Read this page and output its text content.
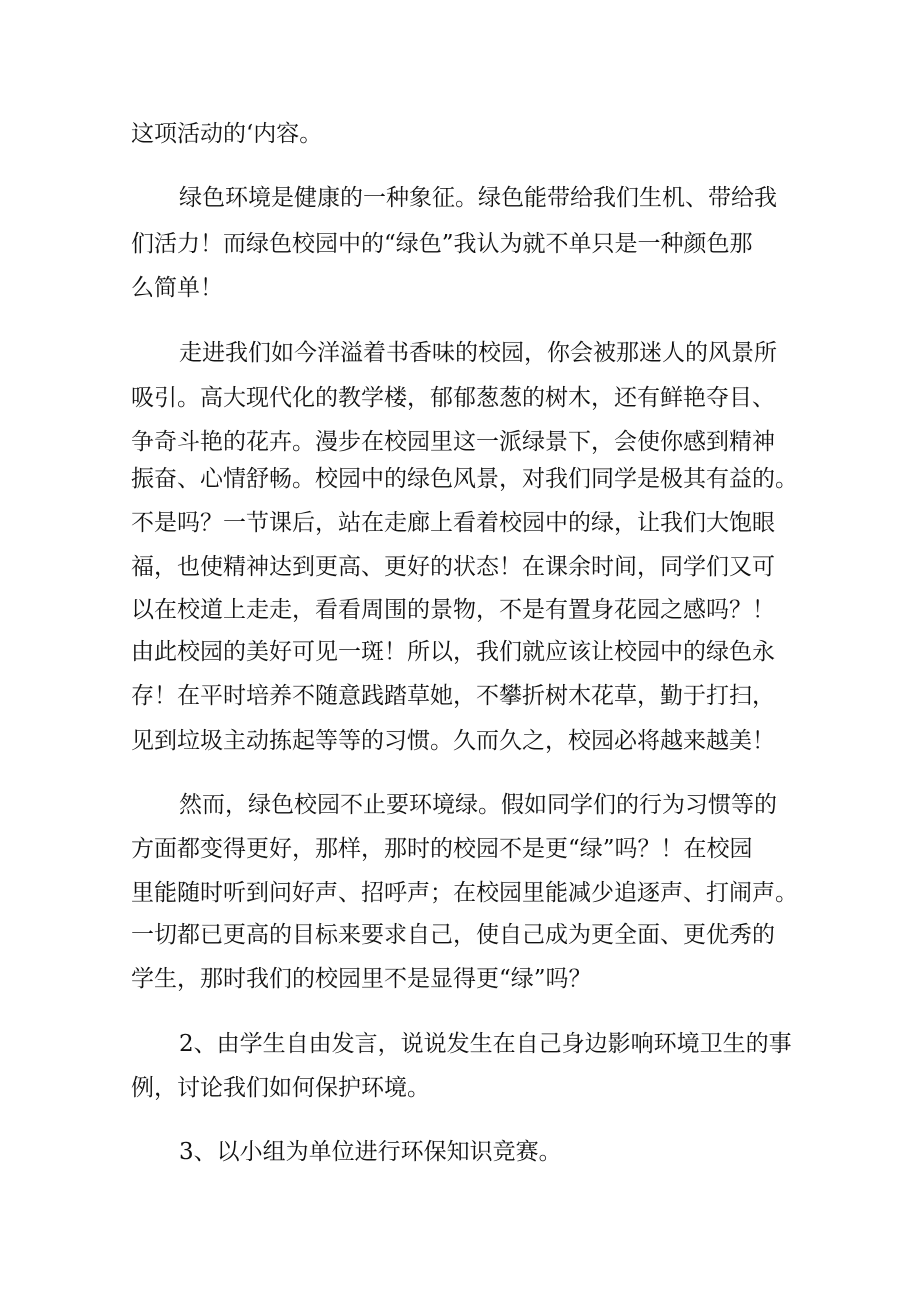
这项活动的‘内容。
绿色环境是健康的一种象征。绿色能带给我们生机、带给我
们活力！而绿色校园中的“绿色”我认为就不单只是一种颜色那
么简单！
走进我们如今洋溢着书香味的校园，你会被那迷人的风景所
吸引。高大现代化的教学楼，郁郁葱葱的树木，还有鲜艳夺目、
争奇斗艳的花卉。漫步在校园里这一派绿景下，会使你感到精神
振奋、心情舒畅。校园中的绿色风景，对我们同学是极其有益的。
不是吗？一节课后，站在走廊上看着校园中的绿，让我们大饱眼
福，也使精神达到更高、更好的状态！在课余时间，同学们又可
以在校道上走走，看看周围的景物，不是有置身花园之感吗？！
由此校园的美好可见一斑！所以，我们就应该让校园中的绿色永
存！在平时培养不随意践踏草她，不攀折树木花草，勤于打扫，
见到垃圾主动拣起等等的习惯。久而久之，校园必将越来越美！
然而，绿色校园不止要环境绿。假如同学们的行为习惯等的
方面都变得更好，那样，那时的校园不是更“绿”吗？！在校园
里能随时听到问好声、招呼声；在校园里能减少追逐声、打闹声。
一切都已更高的目标来要求自己，使自己成为更全面、更优秀的
学生，那时我们的校园里不是显得更“绿”吗？
2、由学生自由发言，说说发生在自己身边影响环境卫生的事
例，讨论我们如何保护环境。
3、以小组为单位进行环保知识竞赛。
